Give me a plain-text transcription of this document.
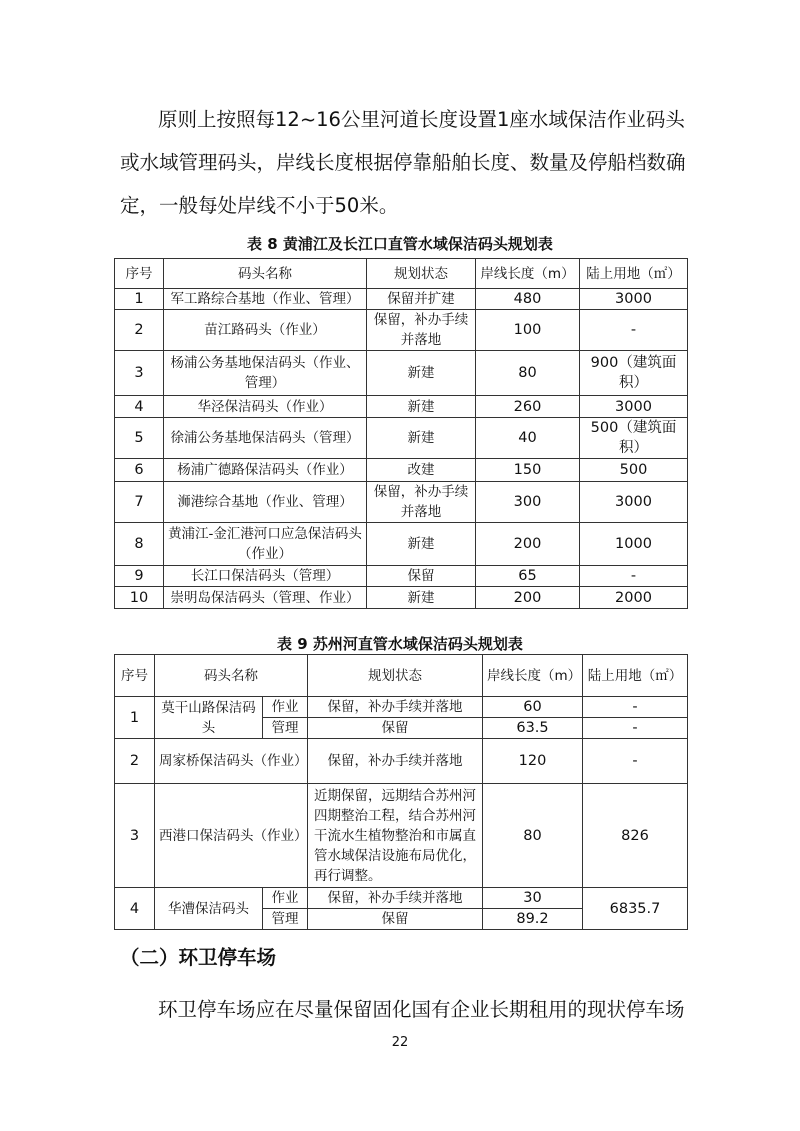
原则上按照每12~16公里河道长度设置1座水域保洁作业码头或水域管理码头，岸线长度根据停靠船舶长度、数量及停船档数确定，一般每处岸线不小于50米。

表 8 黄浦江及长江口直管水域保洁码头规划表

序号	码头名称	规划状态	岸线长度（m）	陆上用地（㎡）
1	军工路综合基地（作业、管理）	保留并扩建	480	3000
2	苗江路码头（作业）	保留，补办手续并落地	100	-
3	杨浦公务基地保洁码头（作业、管理）	新建	80	900（建筑面积）
4	华泾保洁码头（作业）	新建	260	3000
5	徐浦公务基地保洁码头（管理）	新建	40	500（建筑面积）
6	杨浦广德路保洁码头（作业）	改建	150	500
7	浉港综合基地（作业、管理）	保留，补办手续并落地	300	3000
8	黄浦江-金汇港河口应急保洁码头（作业）	新建	200	1000
9	长江口保洁码头（管理）	保留	65	-
10	崇明岛保洁码头（管理、作业）	新建	200	2000

表 9 苏州河直管水域保洁码头规划表

序号	码头名称		规划状态	岸线长度（m）	陆上用地（㎡）
1	莫干山路保洁码头	作业	保留，补办手续并落地	60	-
		管理	保留	63.5	-
2	周家桥保洁码头（作业）		保留，补办手续并落地	120	-
3	西港口保洁码头（作业）		近期保留，远期结合苏州河四期整治工程，结合苏州河干流水生植物整治和市属直管水域保洁设施布局优化，再行调整。	80	826
4	华漕保洁码头	作业	保留，补办手续并落地	30	6835.7
		管理	保留	89.2	

（二）环卫停车场

环卫停车场应在尽量保留固化国有企业长期租用的现状停车场

22
